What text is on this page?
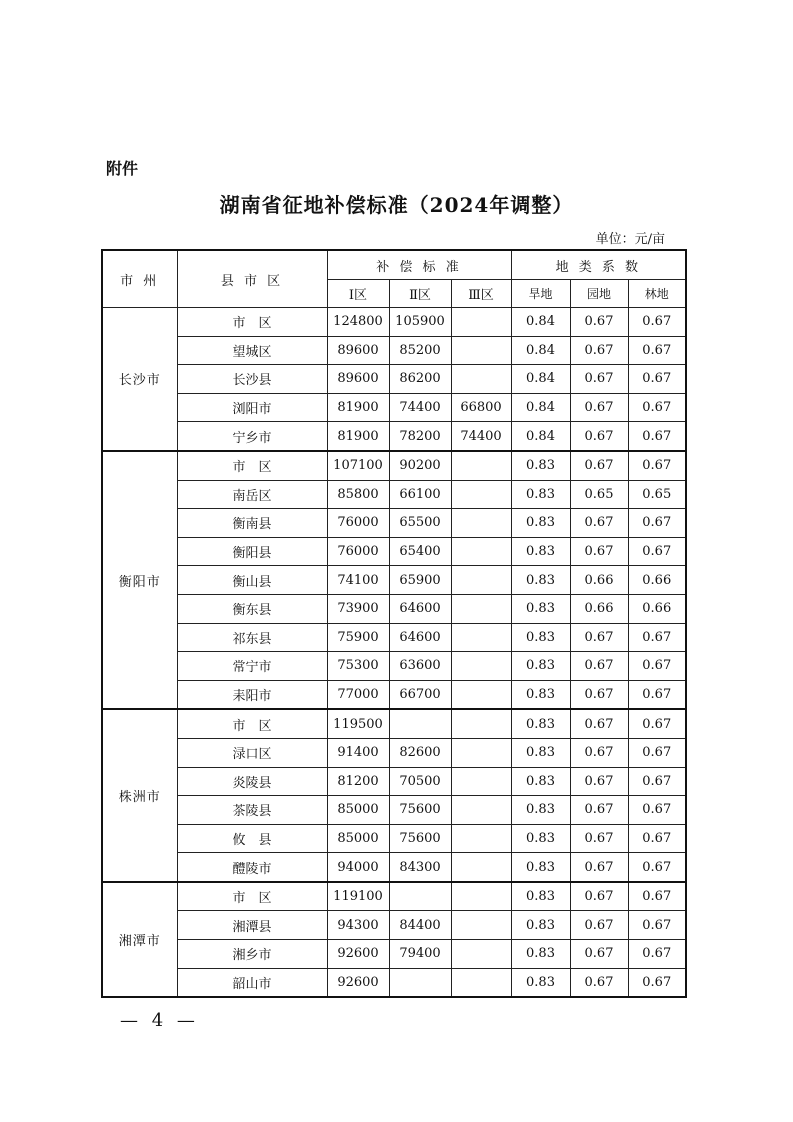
附件
湖南省征地补偿标准（2024年调整）
单位：元/亩
市 州	县 市 区	补 偿 标 准			地 类 系 数		
		Ⅰ区	Ⅱ区	Ⅲ区	旱地	园地	林地
长沙市	市　区	124800	105900		0.84	0.67	0.67
	望城区	89600	85200		0.84	0.67	0.67
	长沙县	89600	86200		0.84	0.67	0.67
	浏阳市	81900	74400	66800	0.84	0.67	0.67
	宁乡市	81900	78200	74400	0.84	0.67	0.67
衡阳市	市　区	107100	90200		0.83	0.67	0.67
	南岳区	85800	66100		0.83	0.65	0.65
	衡南县	76000	65500		0.83	0.67	0.67
	衡阳县	76000	65400		0.83	0.67	0.67
	衡山县	74100	65900		0.83	0.66	0.66
	衡东县	73900	64600		0.83	0.66	0.66
	祁东县	75900	64600		0.83	0.67	0.67
	常宁市	75300	63600		0.83	0.67	0.67
	耒阳市	77000	66700		0.83	0.67	0.67
株洲市	市　区	119500			0.83	0.67	0.67
	渌口区	91400	82600		0.83	0.67	0.67
	炎陵县	81200	70500		0.83	0.67	0.67
	茶陵县	85000	75600		0.83	0.67	0.67
	攸　县	85000	75600		0.83	0.67	0.67
	醴陵市	94000	84300		0.83	0.67	0.67
湘潭市	市　区	119100			0.83	0.67	0.67
	湘潭县	94300	84400		0.83	0.67	0.67
	湘乡市	92600	79400		0.83	0.67	0.67
	韶山市	92600			0.83	0.67	0.67
— 4 —
